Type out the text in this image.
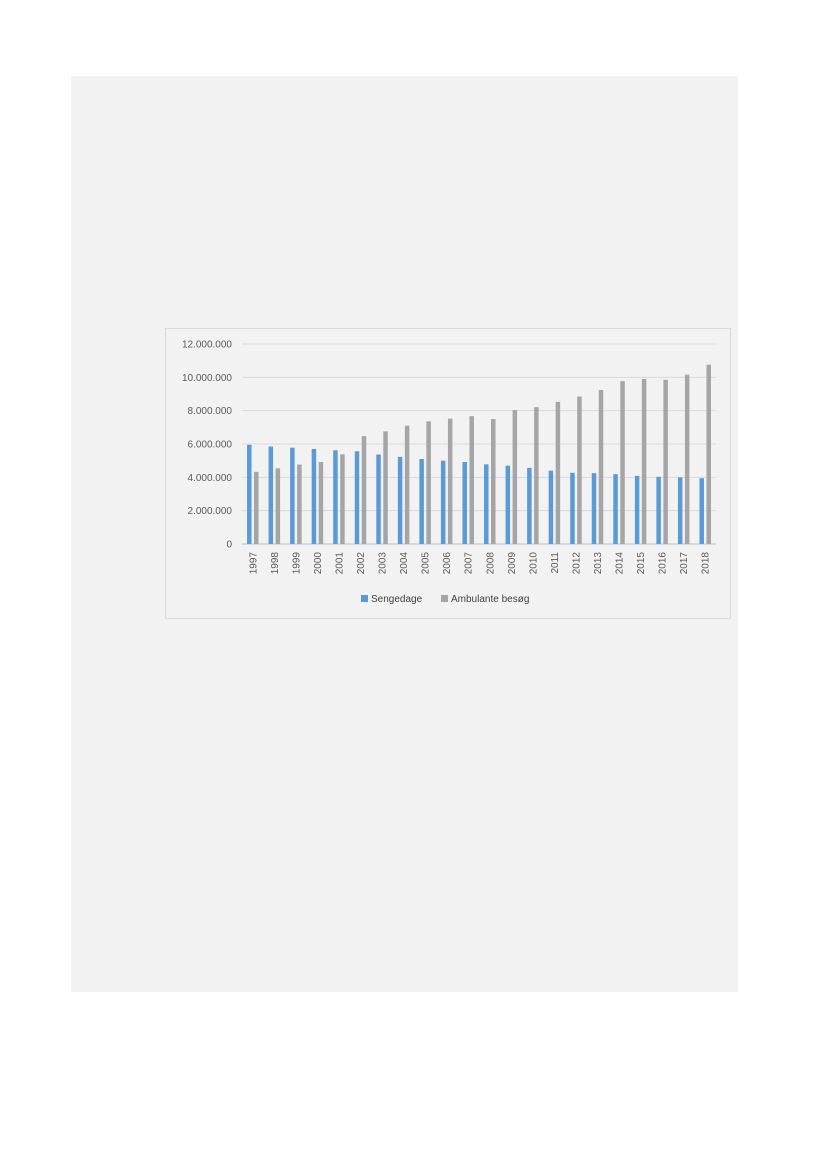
0
2.000.000
4.000.000
6.000.000
8.000.000
10.000.000
12.000.000
1997 1998 1999 2000 2001 2002 2003 2004 2005 2006 2007 2008 2009 2010 2011 2012 2013 2014 2015 2016 2017 2018
Sengedage	Ambulante besøg
